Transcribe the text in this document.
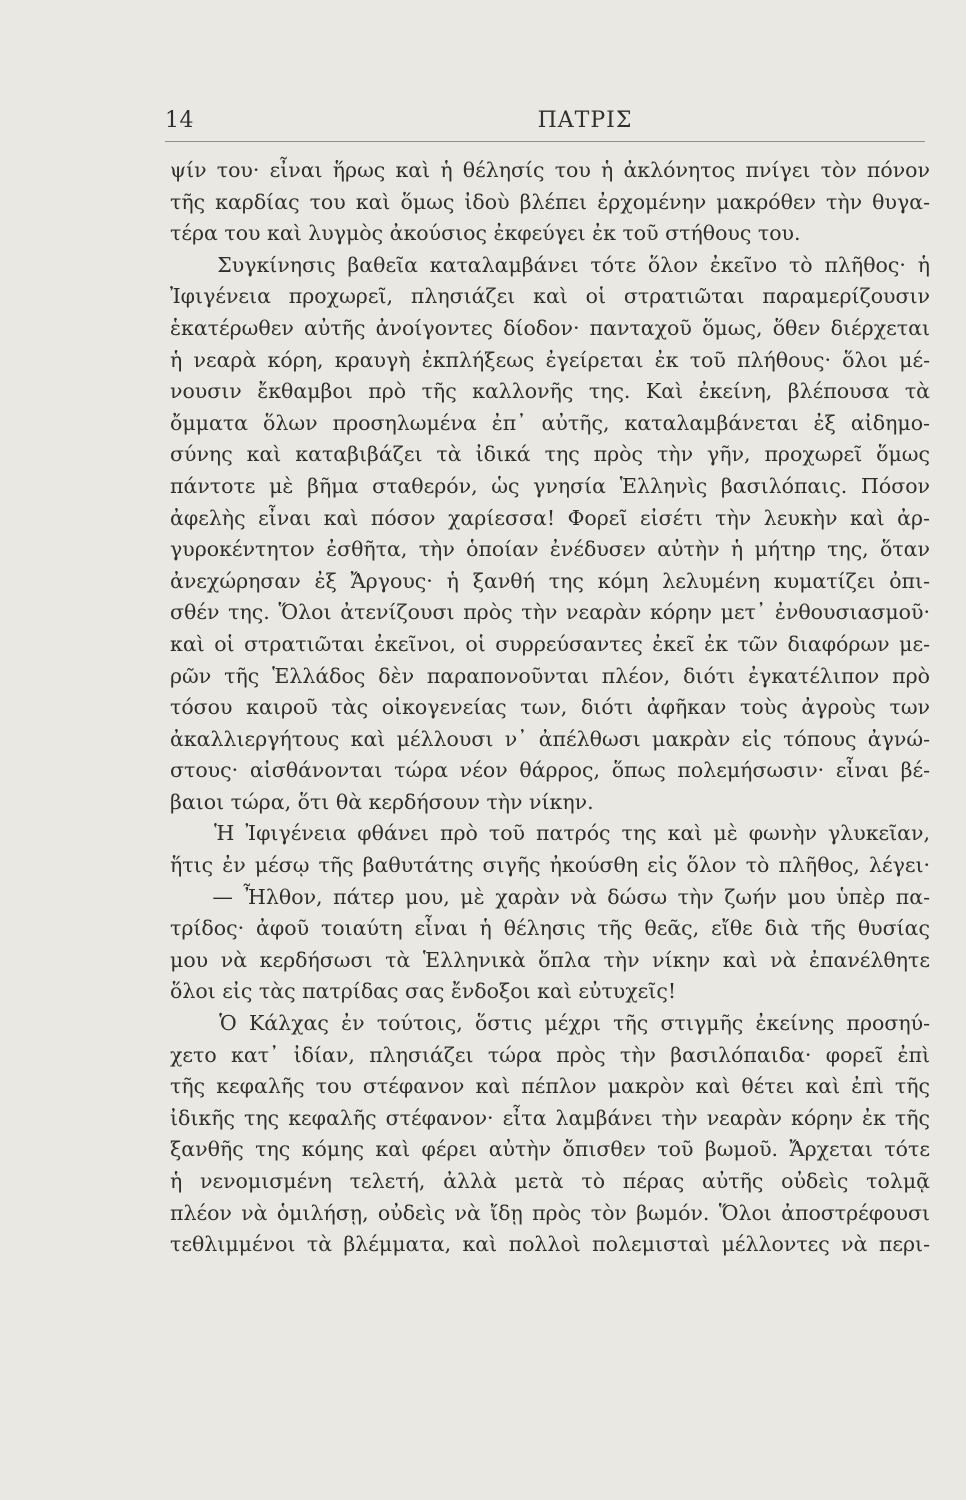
14	ΠΑΤΡΙΣ
ψίν του· εἶναι ἥρως καὶ ἡ θέλησίς του ἡ ἀκλόνητος πνίγει τὸν πόνον
τῆς καρδίας του καὶ ὅμως ἰδοὺ βλέπει ἐρχομένην μακρόθεν τὴν θυγα-
τέρα του καὶ λυγμὸς ἀκούσιος ἐκφεύγει ἐκ τοῦ στήθους του.
Συγκίνησις βαθεῖα καταλαμβάνει τότε ὅλον ἐκεῖνο τὸ πλῆθος· ἡ
Ἰφιγένεια προχωρεῖ, πλησιάζει καὶ οἱ στρατιῶται παραμερίζουσιν
ἑκατέρωθεν αὐτῆς ἀνοίγοντες δίοδον· πανταχοῦ ὅμως, ὅθεν διέρχεται
ἡ νεαρὰ κόρη, κραυγὴ ἐκπλήξεως ἐγείρεται ἐκ τοῦ πλήθους· ὅλοι μέ-
νουσιν ἔκθαμβοι πρὸ τῆς καλλονῆς της. Καὶ ἐκείνη, βλέπουσα τὰ
ὄμματα ὅλων προσηλωμένα ἐπ᾽ αὐτῆς, καταλαμβάνεται ἐξ αἰδημο-
σύνης καὶ καταβιβάζει τὰ ἰδικά της πρὸς τὴν γῆν, προχωρεῖ ὅμως
πάντοτε μὲ βῆμα σταθερόν, ὡς γνησία Ἑλληνὶς βασιλόπαις. Πόσον
ἀφελὴς εἶναι καὶ πόσον χαρίεσσα! Φορεῖ εἰσέτι τὴν λευκὴν καὶ ἀρ-
γυροκέντητον ἐσθῆτα, τὴν ὁποίαν ἐνέδυσεν αὐτὴν ἡ μήτηρ της, ὅταν
ἀνεχώρησαν ἐξ Ἄργους· ἡ ξανθή της κόμη λελυμένη κυματίζει ὀπι-
σθέν της. Ὅλοι ἀτενίζουσι πρὸς τὴν νεαρὰν κόρην μετ᾽ ἐνθουσιασμοῦ·
καὶ οἱ στρατιῶται ἐκεῖνοι, οἱ συρρεύσαντες ἐκεῖ ἐκ τῶν διαφόρων με-
ρῶν τῆς Ἑλλάδος δὲν παραπονοῦνται πλέον, διότι ἐγκατέλιπον πρὸ
τόσου καιροῦ τὰς οἰκογενείας των, διότι ἀφῆκαν τοὺς ἀγροὺς των
ἀκαλλιεργήτους καὶ μέλλουσι ν᾽ ἀπέλθωσι μακρὰν εἰς τόπους ἀγνώ-
στους· αἰσθάνονται τώρα νέον θάρρος, ὅπως πολεμήσωσιν· εἶναι βέ-
βαιοι τώρα, ὅτι θὰ κερδήσουν τὴν νίκην.
Ἡ Ἰφιγένεια φθάνει πρὸ τοῦ πατρός της καὶ μὲ φωνὴν γλυκεῖαν,
ἥτις ἐν μέσῳ τῆς βαθυτάτης σιγῆς ἠκούσθη εἰς ὅλον τὸ πλῆθος, λέγει·
— Ἦλθον, πάτερ μου, μὲ χαρὰν νὰ δώσω τὴν ζωήν μου ὑπὲρ πα-
τρίδος· ἀφοῦ τοιαύτη εἶναι ἡ θέλησις τῆς θεᾶς, εἴθε διὰ τῆς θυσίας
μου νὰ κερδήσωσι τὰ Ἑλληνικὰ ὅπλα τὴν νίκην καὶ νὰ ἐπανέλθητε
ὅλοι εἰς τὰς πατρίδας σας ἔνδοξοι καὶ εὐτυχεῖς!
Ὁ Κάλχας ἐν τούτοις, ὅστις μέχρι τῆς στιγμῆς ἐκείνης προσηύ-
χετο κατ᾽ ἰδίαν, πλησιάζει τώρα πρὸς τὴν βασιλόπαιδα· φορεῖ ἐπὶ
τῆς κεφαλῆς του στέφανον καὶ πέπλον μακρὸν καὶ θέτει καὶ ἐπὶ τῆς
ἰδικῆς της κεφαλῆς στέφανον· εἶτα λαμβάνει τὴν νεαρὰν κόρην ἐκ τῆς
ξανθῆς της κόμης καὶ φέρει αὐτὴν ὄπισθεν τοῦ βωμοῦ. Ἄρχεται τότε
ἡ νενομισμένη τελετή, ἀλλὰ μετὰ τὸ πέρας αὐτῆς οὐδεὶς τολμᾷ
πλέον νὰ ὁμιλήσῃ, οὐδεὶς νὰ ἴδῃ πρὸς τὸν βωμόν. Ὅλοι ἀποστρέφουσι
τεθλιμμένοι τὰ βλέμματα, καὶ πολλοὶ πολεμισταὶ μέλλοντες νὰ περι-
